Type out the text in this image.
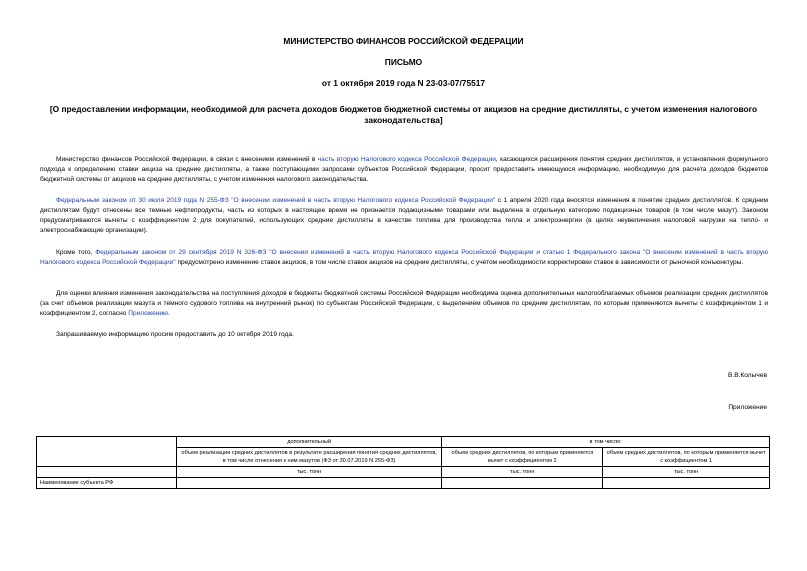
МИНИСТЕРСТВО ФИНАНСОВ РОССИЙСКОЙ ФЕДЕРАЦИИ
ПИСЬМО
от 1 октября 2019 года N 23-03-07/75517
[О предоставлении информации, необходимой для расчета доходов бюджетов бюджетной системы от акцизов на средние дистилляты, с учетом изменения налогового законодательства]
Министерство финансов Российской Федерации, в связи с внесением изменений в часть вторую Налогового кодекса Российской Федерации, касающихся расширения понятия средних дистиллятов, и установления формульного подхода к определению ставки акциза на средние дистилляты, а также поступающими запросами субъектов Российской Федерации, просит предоставить имеющуюся информацию, необходимую для расчета доходов бюджетов бюджетной системы от акцизов на средние дистилляты, с учетом изменения налогового законодательства.
Федеральным законом от 30 июля 2019 года N 255-ФЗ "О внесении изменений в часть вторую Налогового кодекса Российской Федерации" с 1 апреля 2020 года вносятся изменения в понятие средних дистиллятов. К средним дистиллятам будут отнесены все темные нефтепродукты, часть из которых в настоящее время не признается подакцизными товарами или выделена в отдельную категорию подакцизных товаров (в том числе мазут). Законом предусматриваются вычеты с коэффициентом 2 для покупателей, использующих средние дистилляты в качестве топлива для производства тепла и электроэнергии (в целях неувеличения налоговой нагрузки на тепло- и электроснабжающие организации).
Кроме того, Федеральным законом от 29 сентября 2019 N 326-ФЗ "О внесении изменений в часть вторую Налогового кодекса Российской Федерации и статью 1 Федерального закона "О внесении изменений в часть вторую Налогового кодекса Российской Федерации" предусмотрено изменение ставок акцизов, в том числе ставок акцизов на средние дистилляты, с учетом необходимости корректировки ставок в зависимости от рыночной конъюнктуры.
Для оценки влияния изменения законодательства на поступления доходов в бюджеты бюджетной системы Российской Федерации необходима оценка дополнительных налогооблагаемых объемов реализации средних дистиллятов (за счет объемов реализации мазута и темного судового топлива на внутренний рынок) по субъектам Российской Федерации, с выделением объемов по средним дистиллятам, по которым применяются вычеты с коэффициентом 1 и коэффициентом 2, согласно Приложению.
Запрашиваемую информацию просим предоставить до 10 октября 2019 года.
В.В.Колычев
Приложение
	дополнительный	в том числе:	
	объем реализации средних дистиллятов в результате расширения понятия средних дистиллятов, в том числе отнесения к ним мазутов (ФЗ от 30.07.2019 N 255-ФЗ)	объем средних дистиллятов, по которым применяется вычет с коэффициентом 2	объем средних дистиллятов, по которым применяется вычет с коэффициентом 1
	тыс. тонн	тыс. тонн	тыс. тонн
Наименование субъекта РФ			
